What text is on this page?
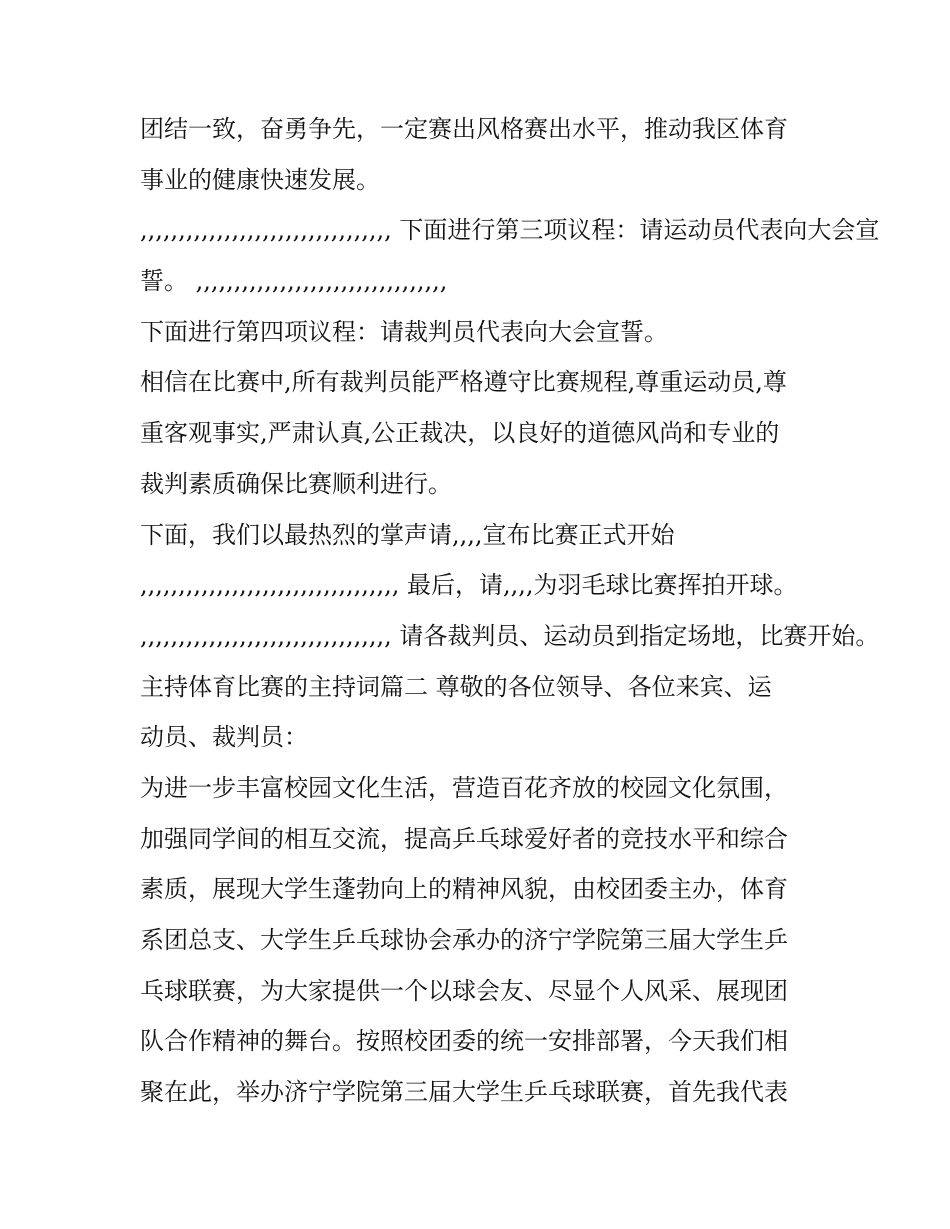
团结一致，奋勇争先，一定赛出风格赛出水平，推动我区体育
事业的健康快速发展。
,,,,,,,,,,,,,,,,,,,,,,,,,,,,,,,,, 下面进行第三项议程：请运动员代表向大会宣
誓。 ,,,,,,,,,,,,,,,,,,,,,,,,,,,,,,,,,
下面进行第四项议程：请裁判员代表向大会宣誓。
相信在比赛中,所有裁判员能严格遵守比赛规程,尊重运动员,尊
重客观事实,严肃认真,公正裁决，以良好的道德风尚和专业的
裁判素质确保比赛顺利进行。
下面，我们以最热烈的掌声请,,,,宣布比赛正式开始
,,,,,,,,,,,,,,,,,,,,,,,,,,,,,,,,,, 最后，请,,,,为羽毛球比赛挥拍开球。
,,,,,,,,,,,,,,,,,,,,,,,,,,,,,,,,, 请各裁判员、运动员到指定场地，比赛开始。
主持体育比赛的主持词篇二 尊敬的各位领导、各位来宾、运
动员、裁判员：
为进一步丰富校园文化生活，营造百花齐放的校园文化氛围，
加强同学间的相互交流，提高乒乓球爱好者的竞技水平和综合
素质，展现大学生蓬勃向上的精神风貌，由校团委主办，体育
系团总支、大学生乒乓球协会承办的济宁学院第三届大学生乒
乓球联赛，为大家提供一个以球会友、尽显个人风采、展现团
队合作精神的舞台。按照校团委的统一安排部署，今天我们相
聚在此，举办济宁学院第三届大学生乒乓球联赛，首先我代表
